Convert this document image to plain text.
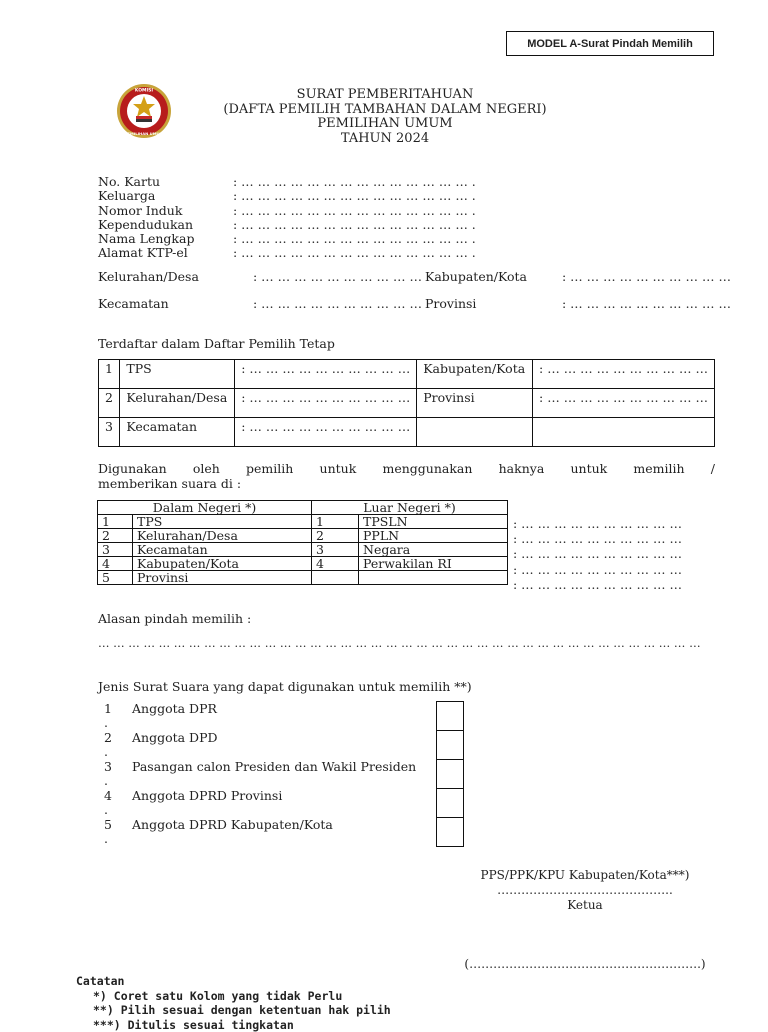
MODEL A-Surat Pindah Memilih
KOMISI
PEMILIHAN UMUM
SURAT PEMBERITAHUAN
(DAFTA PEMILIH TAMBAHAN DALAM NEGERI)
PEMILIHAN UMUM
TAHUN 2024
No. Kartu	: … … … … … … … … … … … … … … .
Keluarga	: … … … … … … … … … … … … … … .
Nomor Induk	: … … … … … … … … … … … … … … .
Kependudukan	: … … … … … … … … … … … … … … .
Nama Lengkap	: … … … … … … … … … … … … … … .
Alamat KTP-el	: … … … … … … … … … … … … … … .
Kelurahan/Desa	: … … … … … … … … … … Kabupaten/Kota	: … … … … … … … … … …
Kecamatan	: … … … … … … … … … … Provinsi	: … … … … … … … … … …
Terdaftar dalam Daftar Pemilih Tetap
1	TPS	: … … … … … … … … … …	Kabupaten/Kota	: … … … … … … … … … …
2	Kelurahan/Desa	: … … … … … … … … … …	Provinsi	: … … … … … … … … … …
3	Kecamatan	: … … … … … … … … … …		
Digunakan oleh pemilih untuk menggunakan haknya untuk memilih /
memberikan suara di :
Dalam Negeri *)		Luar Negeri *)	
1	TPS	1	TPSLN
2	Kelurahan/Desa	2	PPLN
3	Kecamatan	3	Negara
4	Kabupaten/Kota	4	Perwakilan RI
5	Provinsi		
: … … … … … … … … … …
: … … … … … … … … … …
: … … … … … … … … … …
: … … … … … … … … … …
: … … … … … … … … … …
Alasan pindah memilih :
… … … … … … … … … … … … … … … … … … … … … … … … … … … … … … … … … … … … … … … …
Jenis Surat Suara yang dapat digunakan untuk memilih **)
1
.
Anggota DPR
2
.
Anggota DPD
3
.
Pasangan calon Presiden dan Wakil Presiden
4
.
Anggota DPRD Provinsi
5
.
Anggota DPRD Kabupaten/Kota
PPS/PPK/KPU Kabupaten/Kota***)
……………………………………..
Ketua
(………………………………………………….)
Catatan
*) Coret satu Kolom yang tidak Perlu
**) Pilih sesuai dengan ketentuan hak pilih
***) Ditulis sesuai tingkatan
